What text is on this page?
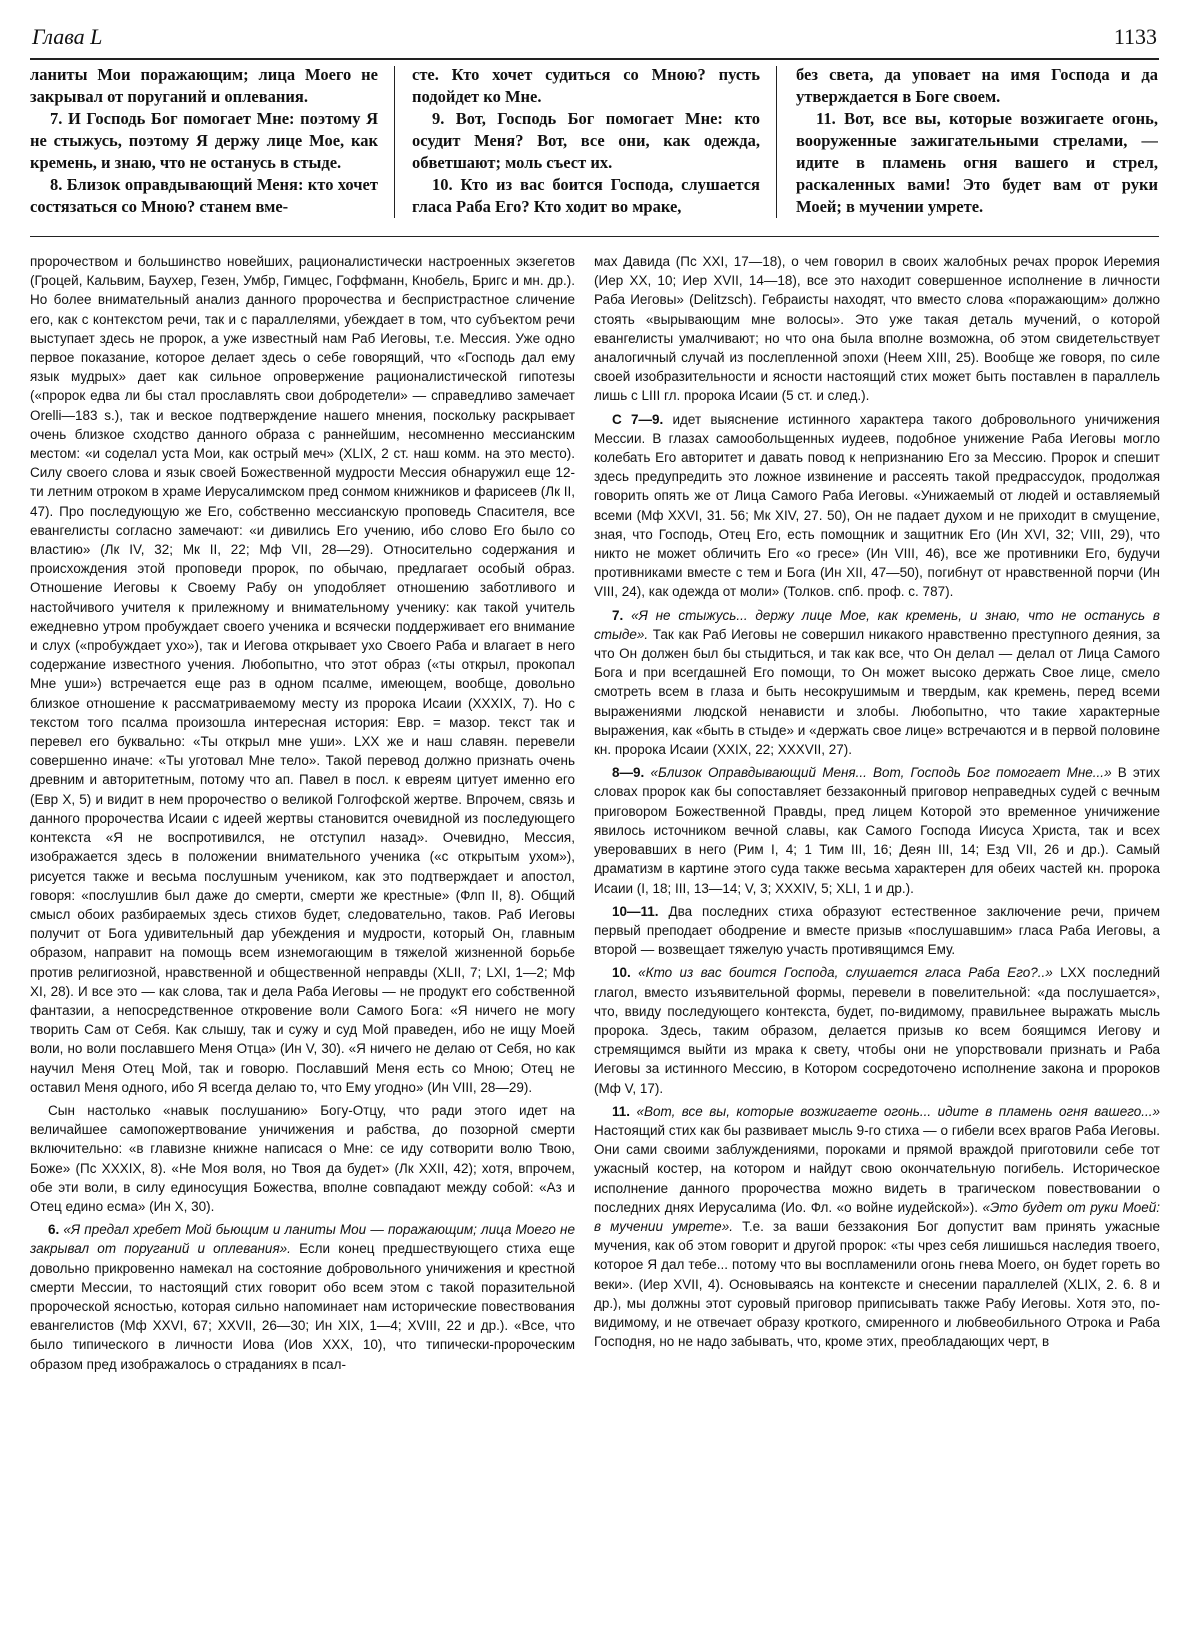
Глава L	1133

ланиты Мои поражающим; лица Моего не закрывал от поруганий и оплевания.

7. И Господь Бог помогает Мне: поэтому Я не стыжусь, поэтому Я держу лице Мое, как кремень, и знаю, что не останусь в стыде.

8. Близок оправдывающий Меня: кто хочет состязаться со Мною? станем вме-

сте. Кто хочет судиться со Мною? пусть подойдет ко Мне.

9. Вот, Господь Бог помогает Мне: кто осудит Меня? Вот, все они, как одежда, обветшают; моль съест их.

10. Кто из вас боится Господа, слушается гласа Раба Его? Кто ходит во мраке,

без света, да уповает на имя Господа и да утверждается в Боге своем.

11. Вот, все вы, которые возжигаете огонь, вооруженные зажигательными стрелами, — идите в пламень огня вашего и стрел, раскаленных вами! Это будет вам от руки Моей; в мучении умрете.

пророчеством и большинство новейших, рационалистически настроенных экзегетов (Гроцей, Кальвим, Баухер, Гезен, Умбр, Гимцес, Гоффманн, Кнобель, Бригс и мн. др.). Но более внимательный анализ данного пророчества и беспристрастное сличение его, как с контекстом речи, так и с параллелями, убеждает в том, что субъектом речи выступает здесь не пророк, а уже известный нам Раб Иеговы, т.е. Мессия. Уже одно первое показание, которое делает здесь о себе говорящий, что «Господь дал ему язык мудрых» дает как сильное опровержение рационалистической гипотезы («пророк едва ли бы стал прославлять свои добродетели» — справедливо замечает Orelli—183 s.), так и веское подтверждение нашего мнения, поскольку раскрывает очень близкое сходство данного образа с раннейшим, несомненно мессианским местом: «и соделал уста Мои, как острый меч» (XLIX, 2 ст. наш комм. на это место). Силу своего слова и язык своей Божественной мудрости Мессия обнаружил еще 12-ти летним отроком в храме Иерусалимском пред сонмом книжников и фарисеев (Лк II, 47). Про последующую же Его, собственно мессианскую проповедь Спасителя, все евангелисты согласно замечают: «и дивились Его учению, ибо слово Его было со властию» (Лк IV, 32; Мк II, 22; Мф VII, 28—29). Относительно содержания и происхождения этой проповеди пророк, по обычаю, предлагает особый образ. Отношение Иеговы к Своему Рабу он уподобляет отношению заботливого и настойчивого учителя к прилежному и внимательному ученику: как такой учитель ежедневно утром пробуждает своего ученика и всячески поддерживает его внимание и слух («пробуждает ухо»), так и Иегова открывает ухо Своего Раба и влагает в него содержание известного учения. Любопытно, что этот образ («ты открыл, прокопал Мне уши») встречается еще раз в одном псалме, имеющем, вообще, довольно близкое отношение к рассматриваемому месту из пророка Исаии (XXXIX, 7). Но с текстом того псалма произошла интересная история: Евр. = мазор. текст так и перевел его буквально: «Ты открыл мне уши». LXX же и наш славян. перевели совершенно иначе: «Ты уготовал Мне тело». Такой перевод должно признать очень древним и авторитетным, потому что ап. Павел в посл. к евреям цитует именно его (Евр X, 5) и видит в нем пророчество о великой Голгофской жертве. Впрочем, связь и данного пророчества Исаии с идеей жертвы становится очевидной из последующего контекста «Я не воспротивился, не отступил назад». Очевидно, Мессия, изображается здесь в положении внимательного ученика («с открытым ухом»), рисуется также и весьма послушным учеником, как это подтверждает и апостол, говоря: «послушлив был даже до смерти, смерти же крестные» (Флп II, 8). Общий смысл обоих разбираемых здесь стихов будет, следовательно, таков. Раб Иеговы получит от Бога удивительный дар убеждения и мудрости, который Он, главным образом, направит на помощь всем изнемогающим в тяжелой жизненной борьбе против религиозной, нравственной и общественной неправды (XLII, 7; LXI, 1—2; Мф XI, 28). И все это — как слова, так и дела Раба Иеговы — не продукт его собственной фантазии, а непосредственное откровение воли Самого Бога: «Я ничего не могу творить Сам от Себя. Как слышу, так и сужу и суд Мой праведен, ибо не ищу Моей воли, но воли пославшего Меня Отца» (Ин V, 30). «Я ничего не делаю от Себя, но как научил Меня Отец Мой, так и говорю. Пославший Меня есть со Мною; Отец не оставил Меня одного, ибо Я всегда делаю то, что Ему угодно» (Ин VIII, 28—29).

Сын настолько «навык послушанию» Богу-Отцу, что ради этого идет на величайшее самопожертвование уничижения и рабства, до позорной смерти включительно: «в главизне книжне написася о Мне: се иду сотворити волю Твою, Боже» (Пс XXXIX, 8). «Не Моя воля, но Твоя да будет» (Лк XXII, 42); хотя, впрочем, обе эти воли, в силу единосущия Божества, вполне совпадают между собой: «Аз и Отец едино есма» (Ин X, 30).

6. «Я предал хребет Мой бьющим и ланиты Мои — поражающим; лица Моего не закрывал от поруганий и оплевания». Если конец предшествующего стиха еще довольно прикровенно намекал на состояние добровольного уничижения и крестной смерти Мессии, то настоящий стих говорит обо всем этом с такой поразительной пророческой ясностью, которая сильно напоминает нам исторические повествования евангелистов (Мф XXVI, 67; XXVII, 26—30; Ин XIX, 1—4; XVIII, 22 и др.). «Все, что было типического в личности Иова (Иов XXX, 10), что типически-пророческим образом пред изображалось о страданиях в псал-

мах Давида (Пс XXI, 17—18), о чем говорил в своих жалобных речах пророк Иеремия (Иер XX, 10; Иер XVII, 14—18), все это находит совершенное исполнение в личности Раба Иеговы» (Delitzsch). Гебраисты находят, что вместо слова «поражающим» должно стоять «вырывающим мне волосы». Это уже такая деталь мучений, о которой евангелисты умалчивают; но что она была вполне возможна, об этом свидетельствует аналогичный случай из послепленной эпохи (Неем XIII, 25). Вообще же говоря, по силе своей изобразительности и ясности настоящий стих может быть поставлен в параллель лишь с LIII гл. пророка Исаии (5 ст. и след.).

С 7—9. идет выяснение истинного характера такого добровольного уничижения Мессии. В глазах самообольщенных иудеев, подобное унижение Раба Иеговы могло колебать Его авторитет и давать повод к непризнанию Его за Мессию. Пророк и спешит здесь предупредить это ложное извинение и рассеять такой предрассудок, продолжая говорить опять же от Лица Самого Раба Иеговы. «Унижаемый от людей и оставляемый всеми (Мф XXVI, 31. 56; Мк XIV, 27. 50), Он не падает духом и не приходит в смущение, зная, что Господь, Отец Его, есть помощник и защитник Его (Ин XVI, 32; VIII, 29), что никто не может обличить Его «о гресе» (Ин VIII, 46), все же противники Его, будучи противниками вместе с тем и Бога (Ин XII, 47—50), погибнут от нравственной порчи (Ин VIII, 24), как одежда от моли» (Толков. спб. проф. с. 787).

7. «Я не стыжусь... держу лице Мое, как кремень, и знаю, что не останусь в стыде». Так как Раб Иеговы не совершил никакого нравственно преступного деяния, за что Он должен был бы стыдиться, и так как все, что Он делал — делал от Лица Самого Бога и при всегдашней Его помощи, то Он может высоко держать Свое лице, смело смотреть всем в глаза и быть несокрушимым и твердым, как кремень, перед всеми выражениями людской ненависти и злобы. Любопытно, что такие характерные выражения, как «быть в стыде» и «держать свое лице» встречаются и в первой половине кн. пророка Исаии (XXIX, 22; XXXVII, 27).

8—9. «Близок Оправдывающий Меня... Вот, Господь Бог помогает Мне...» В этих словах пророк как бы сопоставляет беззаконный приговор неправедных судей с вечным приговором Божественной Правды, пред лицем Которой это временное уничижение явилось источником вечной славы, как Самого Господа Иисуса Христа, так и всех уверовавших в него (Рим I, 4; 1 Тим III, 16; Деян III, 14; Езд VII, 26 и др.). Самый драматизм в картине этого суда также весьма характерен для обеих частей кн. пророка Исаии (I, 18; III, 13—14; V, 3; XXXIV, 5; XLI, 1 и др.).

10—11. Два последних стиха образуют естественное заключение речи, причем первый преподает ободрение и вместе призыв «послушавшим» гласа Раба Иеговы, а второй — возвещает тяжелую участь противящимся Ему.

10. «Кто из вас боится Господа, слушается гласа Раба Его?..» LXX последний глагол, вместо изъявительной формы, перевели в повелительной: «да послушается», что, ввиду последующего контекста, будет, по-видимому, правильнее выражать мысль пророка. Здесь, таким образом, делается призыв ко всем боящимся Иегову и стремящимся выйти из мрака к свету, чтобы они не упорствовали признать и Раба Иеговы за истинного Мессию, в Котором сосредоточено исполнение закона и пророков (Мф V, 17).

11. «Вот, все вы, которые возжигаете огонь... идите в пламень огня вашего...» Настоящий стих как бы развивает мысль 9-го стиха — о гибели всех врагов Раба Иеговы. Они сами своими заблуждениями, пороками и прямой враждой приготовили себе тот ужасный костер, на котором и найдут свою окончательную погибель. Историческое исполнение данного пророчества можно видеть в трагическом повествовании о последних днях Иерусалима (Ио. Фл. «о войне иудейской»). «Это будет от руки Моей: в мучении умрете». Т.е. за ваши беззакония Бог допустит вам принять ужасные мучения, как об этом говорит и другой пророк: «ты чрез себя лишишься наследия твоего, которое Я дал тебе... потому что вы воспламенили огонь гнева Моего, он будет гореть во веки». (Иер XVII, 4). Основываясь на контексте и снесении параллелей (XLIX, 2. 6. 8 и др.), мы должны этот суровый приговор приписывать также Рабу Иеговы. Хотя это, по-видимому, и не отвечает образу кроткого, смиренного и любвеобильного Отрока и Раба Господня, но не надо забывать, что, кроме этих, преобладающих черт, в
